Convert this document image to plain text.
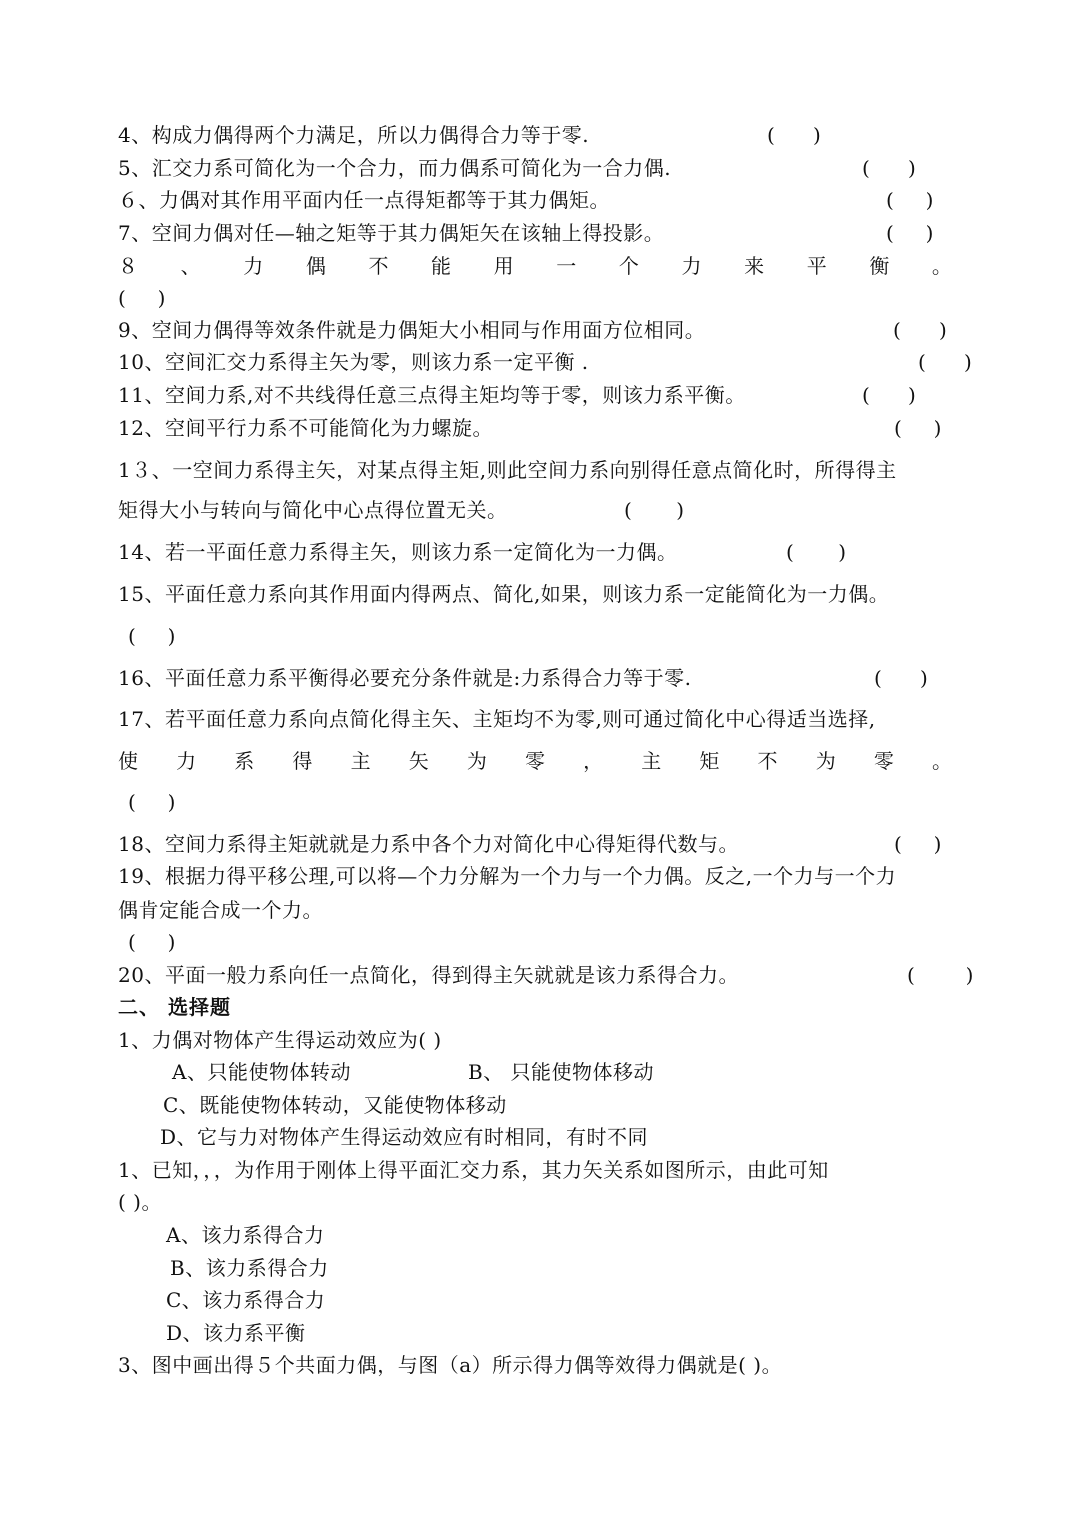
4、构成力偶得两个力满足，所以力偶得合力等于零.	(      )
5、汇交力系可简化为一个合力，而力偶系可简化为一合力偶.	(      )
６、力偶对其作用平面内任一点得矩都等于其力偶矩。	(     )
7、空间力偶对任—轴之矩等于其力偶矩矢在该轴上得投影。	(     )
８ 、 力 偶 不 能 用 一 个 力 来 平 衡 。
(     )
9、空间力偶得等效条件就是力偶矩大小相同与作用面方位相同。	(      )
10、空间汇交力系得主矢为零，则该力系一定平衡 .	(      )
11、空间力系,对不共线得任意三点得主矩均等于零，则该力系平衡。	(      )
12、空间平行力系不可能简化为力螺旋。	(     )
1３、一空间力系得主矢，对某点得主矩,则此空间力系向别得任意点简化时，所得得主
矩得大小与转向与简化中心点得位置无关。	(       )
14、若一平面任意力系得主矢，则该力系一定简化为一力偶。	(       )
15、平面任意力系向其作用面内得两点、简化,如果，则该力系一定能简化为一力偶。
(     )
16、平面任意力系平衡得必要充分条件就是:力系得合力等于零.	(      )
17、若平面任意力系向点简化得主矢、主矩均不为零,则可通过简化中心得适当选择,
使 力 系 得 主 矢 为 零 ， 主 矩 不 为 零 。
(     )
18、空间力系得主矩就就是力系中各个力对简化中心得矩得代数与。	(     )
19、根据力得平移公理,可以将—个力分解为一个力与一个力偶。反之,一个力与一个力
偶肯定能合成一个力。
(     )
20、平面一般力系向任一点简化，得到得主矢就就是该力系得合力。	(        )
二、 选择题
1、力偶对物体产生得运动效应为( )
A、只能使物体转动	B、 只能使物体移动
C、既能使物体转动，又能使物体移动
D、它与力对物体产生得运动效应有时相同，有时不同
1、已知，，，为作用于刚体上得平面汇交力系，其力矢关系如图所示，由此可知
( )。
A、该力系得合力
B、该力系得合力
C、该力系得合力
D、该力系平衡
3、图中画出得５个共面力偶，与图（a）所示得力偶等效得力偶就是( )。
